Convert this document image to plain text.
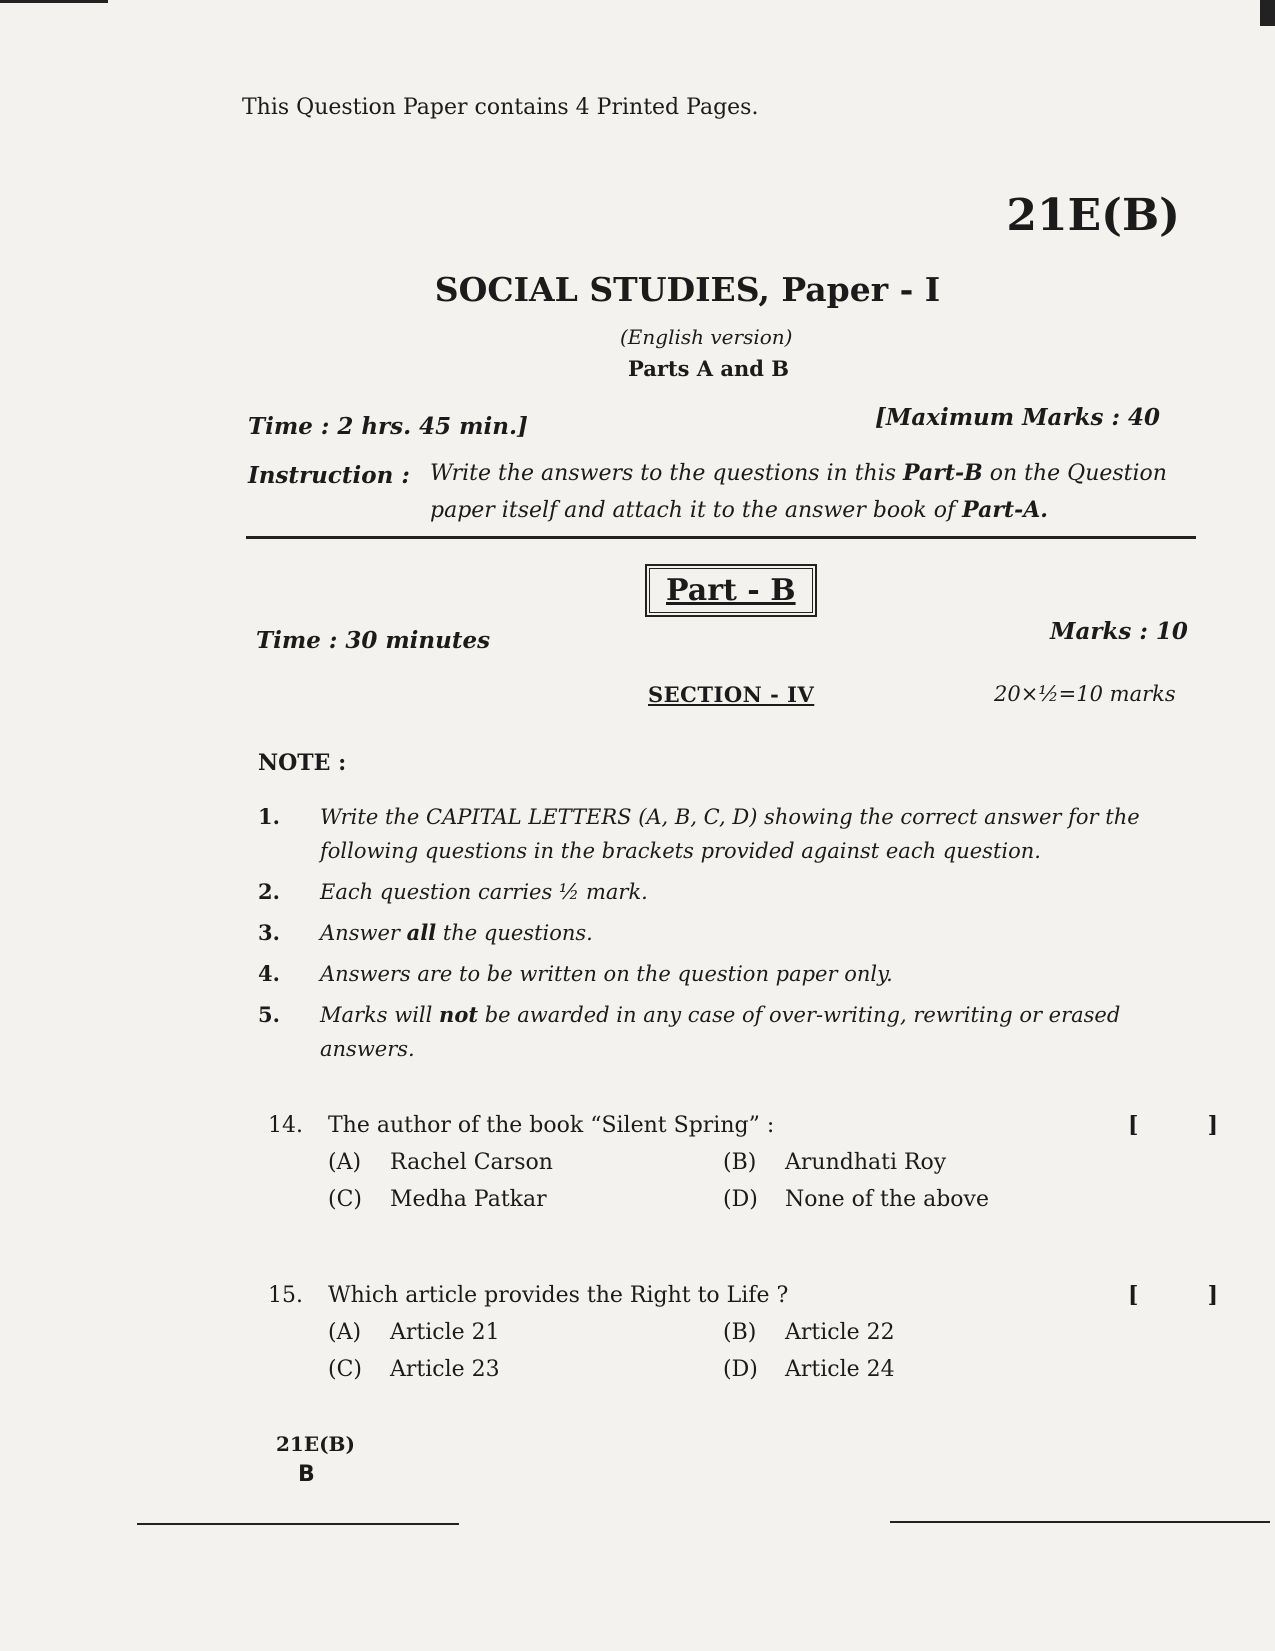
This Question Paper contains 4 Printed Pages.
21E(B)
SOCIAL STUDIES, Paper - I
(English version)
Parts A and B
Time : 2 hrs. 45 min.]	[Maximum Marks : 40
Instruction : Write the answers to the questions in this Part-B on the Question paper itself and attach it to the answer book of Part-A.
Part - B
Time : 30 minutes	Marks : 10
SECTION - IV	20×½=10 marks
NOTE :
1.	Write the CAPITAL LETTERS (A, B, C, D) showing the correct answer for the following questions in the brackets provided against each question.
2.	Each question carries ½ mark.
3.	Answer all the questions.
4.	Answers are to be written on the question paper only.
5.	Marks will not be awarded in any case of over-writing, rewriting or erased answers.
14.	The author of the book “Silent Spring” :	[	]
(A)	Rachel Carson	(B)	Arundhati Roy
(C)	Medha Patkar	(D)	None of the above
15.	Which article provides the Right to Life ?	[	]
(A)	Article 21	(B)	Article 22
(C)	Article 23	(D)	Article 24
21E(B)
B
